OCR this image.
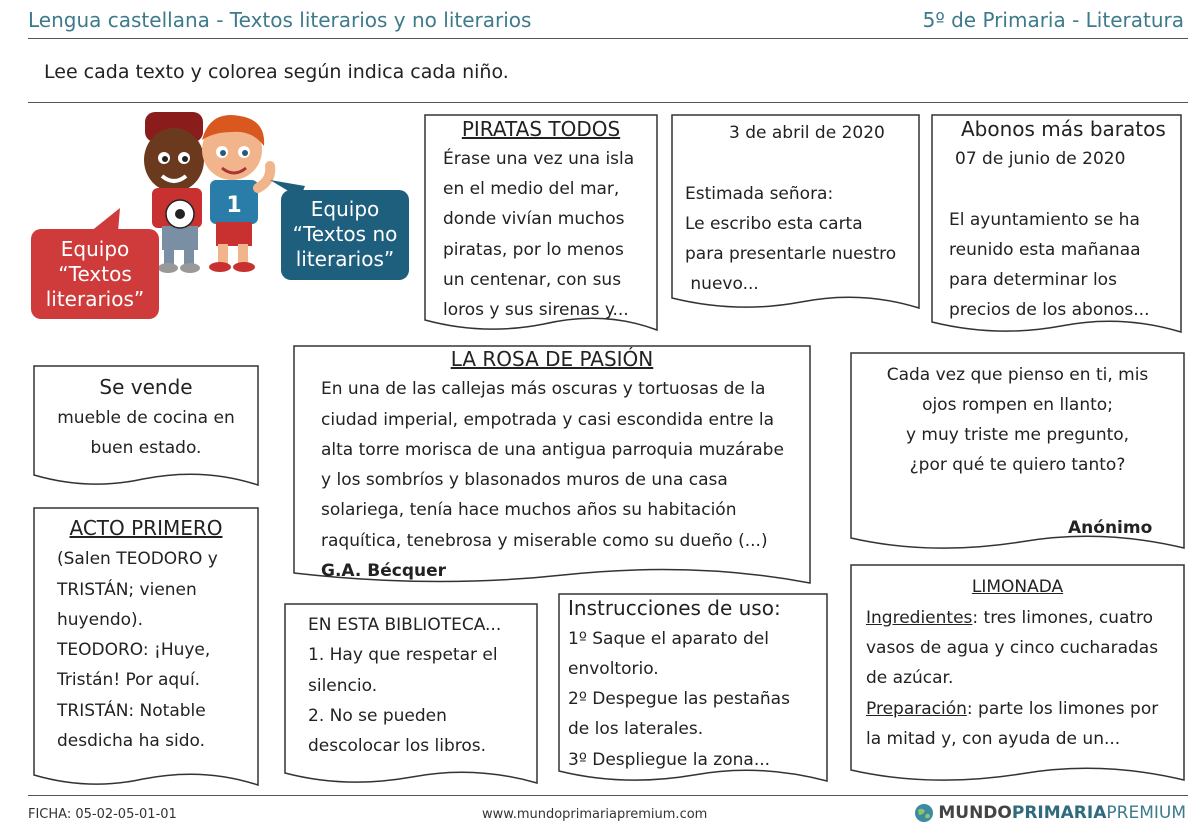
Lengua castellana - Textos literarios y no literarios	5º de Primaria - Literatura
Lee cada texto y colorea según indica cada niño.
1
Equipo
“Textos
literarios”
Equipo
“Textos no
literarios”
PIRATAS TODOS
Érase una vez una isla
en el medio del mar,
donde vivían muchos
piratas, por lo menos
un centenar, con sus
loros y sus sirenas y...
3 de abril de 2020
Estimada señora:
Le escribo esta carta
para presentarle nuestro
nuevo...
Abonos más baratos
07 de junio de 2020
El ayuntamiento se ha
reunido esta mañanaa
para determinar los
precios de los abonos...
Se vende
mueble de cocina en
buen estado.
LA ROSA DE PASIÓN
En una de las callejas más oscuras y tortuosas de la
ciudad imperial, empotrada y casi escondida entre la
alta torre morisca de una antigua parroquia muzárabe
y los sombríos y blasonados muros de una casa
solariega, tenía hace muchos años su habitación
raquítica, tenebrosa y miserable como su dueño (...)
G.A. Bécquer
Cada vez que pienso en ti, mis
ojos rompen en llanto;
y muy triste me pregunto,
¿por qué te quiero tanto?
Anónimo
ACTO PRIMERO
(Salen TEODORO y
TRISTÁN; vienen
huyendo).
TEODORO: ¡Huye,
Tristán! Por aquí.
TRISTÁN: Notable
desdicha ha sido.
EN ESTA BIBLIOTECA...
1. Hay que respetar el
silencio.
2. No se pueden
descolocar los libros.
Instrucciones de uso:
1º Saque el aparato del
envoltorio.
2º Despegue las pestañas
de los laterales.
3º Despliegue la zona...
LIMONADA
Ingredientes: tres limones, cuatro
vasos de agua y cinco cucharadas
de azúcar.
Preparación: parte los limones por
la mitad y, con ayuda de un...
FICHA: 05-02-05-01-01	www.mundoprimariapremium.com	MUNDO PRIMARIA PREMIUM
